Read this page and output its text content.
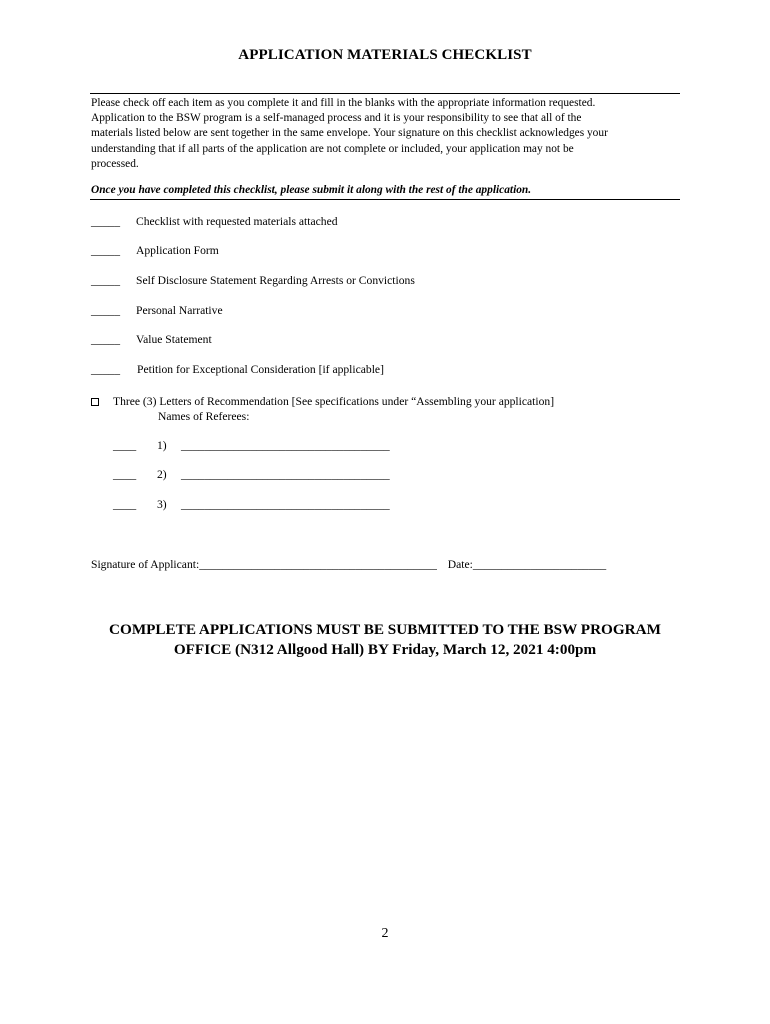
APPLICATION MATERIALS CHECKLIST
Please check off each item as you complete it and fill in the blanks with the appropriate information requested.
Application to the BSW program is a self-managed process and it is your responsibility to see that all of the
materials listed below are sent together in the same envelope. Your signature on this checklist acknowledges your
understanding that if all parts of the application are not complete or included, your application may not be
processed.
Once you have completed this checklist, please submit it along with the rest of the application.
_____ Checklist with requested materials attached
_____ Application Form
_____ Self Disclosure Statement Regarding Arrests or Convictions
_____ Personal Narrative
_____ Value Statement
_____ Petition for Exceptional Consideration [if applicable]
Three (3) Letters of Recommendation [See specifications under “Assembling your application]
Names of Referees:
____ 1) ____________________________________
____ 2) ____________________________________
____ 3) ____________________________________
Signature of Applicant:_________________________________________ Date:_______________________
COMPLETE APPLICATIONS MUST BE SUBMITTED TO THE BSW PROGRAM
OFFICE (N312 Allgood Hall) BY Friday, March 12, 2021 4:00pm
2
